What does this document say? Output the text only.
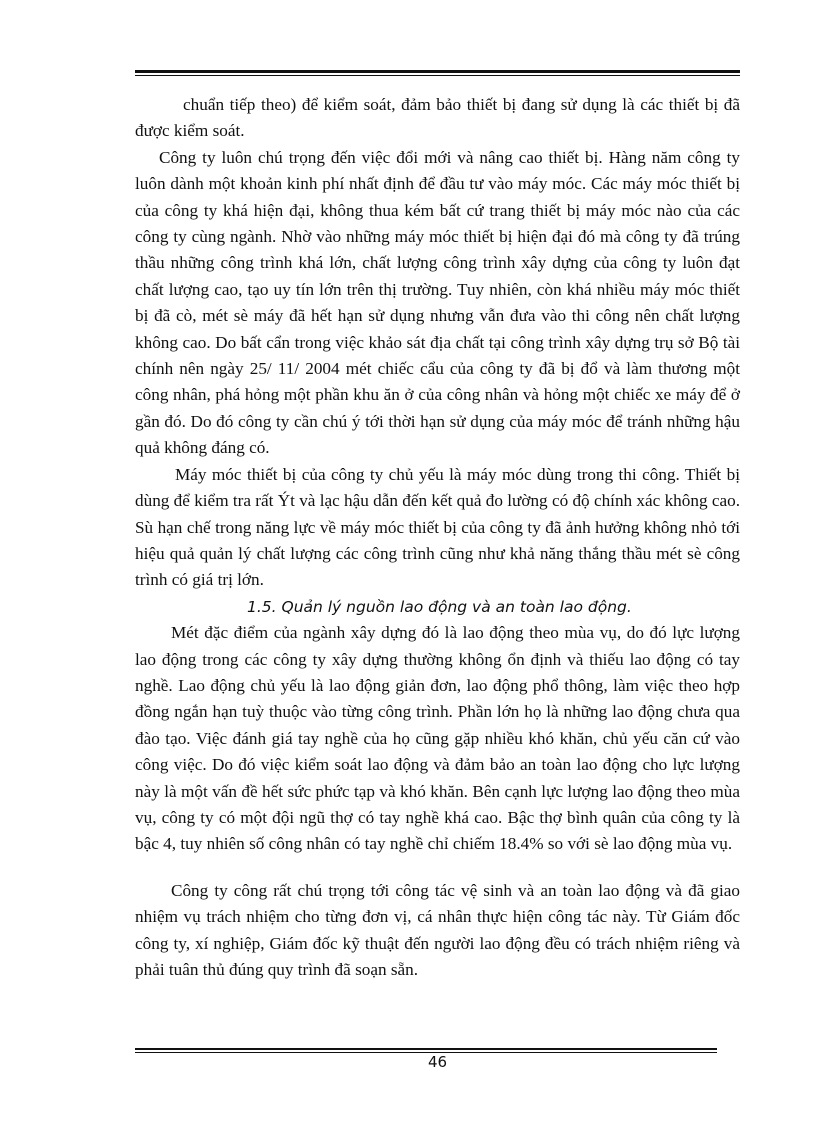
chuẩn tiếp theo) để kiểm soát, đảm bảo thiết bị đang sử dụng là các thiết bị đã được kiểm soát.

Công ty luôn chú trọng đến việc đổi mới và nâng cao thiết bị. Hàng năm công ty luôn dành một khoản kinh phí nhất định để đầu tư vào máy móc. Các máy móc thiết bị của công ty khá hiện đại, không thua kém bất cứ trang thiết bị máy móc nào của các công ty cùng ngành. Nhờ vào những máy móc thiết bị hiện đại đó mà công ty đã trúng thầu những công trình khá lớn, chất lượng công trình xây dựng của công ty luôn đạt chất lượng cao, tạo uy tín lớn trên thị trường. Tuy nhiên, còn khá nhiều máy móc thiết bị đã cò, mét sè máy đã hết hạn sử dụng nhưng vẫn đưa vào thi công nên chất lượng không cao. Do bất cẩn trong việc khảo sát địa chất tại công trình xây dựng trụ sở Bộ tài chính nên ngày 25/ 11/ 2004 mét chiếc cẩu của công ty đã bị đổ và làm thương một công nhân, phá hỏng một phần khu ăn ở của công nhân và hỏng một chiếc xe máy để ở gần đó. Do đó công ty cần chú ý tới thời hạn sử dụng của máy móc để tránh những hậu quả không đáng có.

Máy móc thiết bị của công ty chủ yếu là máy móc dùng trong thi công. Thiết bị dùng để kiểm tra rất Ýt và lạc hậu dẫn đến kết quả đo lường có độ chính xác không cao. Sù hạn chế trong năng lực về máy móc thiết bị của công ty đã ảnh hưởng không nhỏ tới hiệu quả quản lý chất lượng các công trình cũng như khả năng thắng thầu mét sè công trình có giá trị lớn.

1.5. Quản lý nguồn lao động và an toàn lao động.

Mét đặc điểm của ngành xây dựng đó là lao động theo mùa vụ, do đó lực lượng lao động trong các công ty xây dựng thường không ổn định và thiếu lao động có tay nghề. Lao động chủ yếu là lao động giản đơn, lao động phổ thông, làm việc theo hợp đồng ngắn hạn tuỳ thuộc vào từng công trình. Phần lớn họ là những lao động chưa qua đào tạo. Việc đánh giá tay nghề của họ cũng gặp nhiều khó khăn, chủ yếu căn cứ vào công việc. Do đó việc kiểm soát lao động và đảm bảo an toàn lao động cho lực lượng này là một vấn đề hết sức phức tạp và khó khăn. Bên cạnh lực lượng lao động theo mùa vụ, công ty có một đội ngũ thợ có tay nghề khá cao. Bậc thợ bình quân của công ty là bậc 4, tuy nhiên số công nhân có tay nghề chỉ chiếm 18.4% so với sè lao động mùa vụ.

Công ty công rất chú trọng tới công tác vệ sinh và an toàn lao động và đã giao nhiệm vụ trách nhiệm cho từng đơn vị, cá nhân thực hiện công tác này. Từ Giám đốc công ty, xí nghiệp, Giám đốc kỹ thuật đến người lao động đều có trách nhiệm riêng và phải tuân thủ đúng quy trình đã soạn sẵn.

46
